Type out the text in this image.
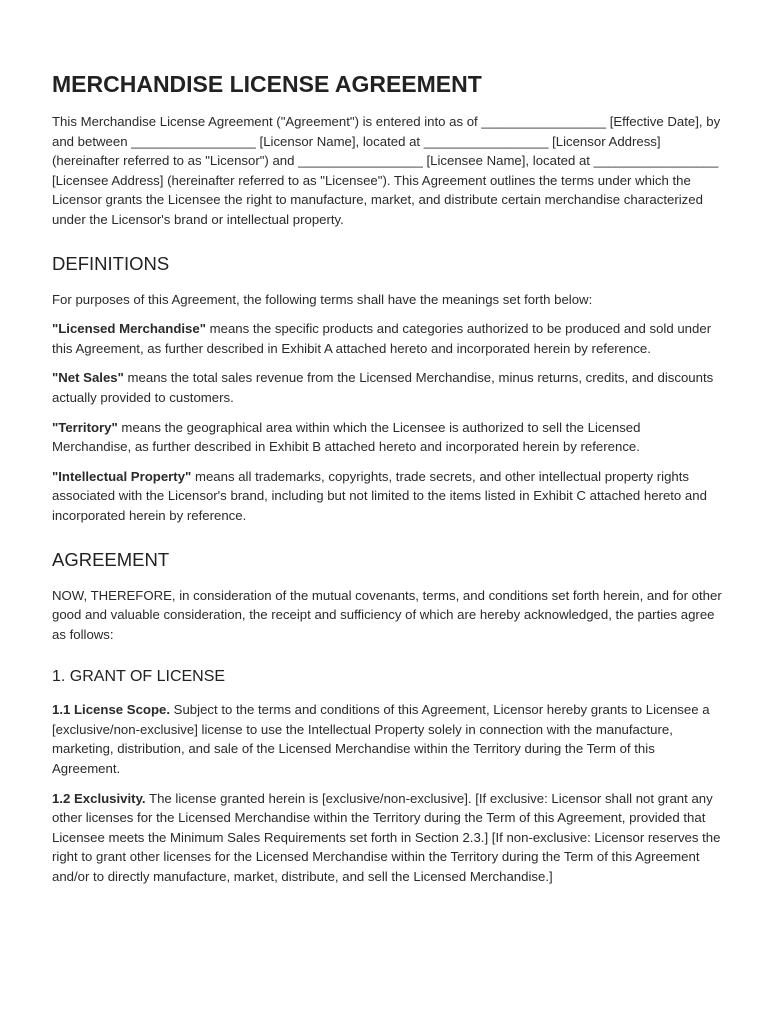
MERCHANDISE LICENSE AGREEMENT

This Merchandise License Agreement ("Agreement") is entered into as of _________________ [Effective Date], by and between _________________ [Licensor Name], located at _________________ [Licensor Address] (hereinafter referred to as "Licensor") and _________________ [Licensee Name], located at _________________ [Licensee Address] (hereinafter referred to as "Licensee"). This Agreement outlines the terms under which the Licensor grants the Licensee the right to manufacture, market, and distribute certain merchandise characterized under the Licensor's brand or intellectual property.

DEFINITIONS

For purposes of this Agreement, the following terms shall have the meanings set forth below:

"Licensed Merchandise" means the specific products and categories authorized to be produced and sold under this Agreement, as further described in Exhibit A attached hereto and incorporated herein by reference.

"Net Sales" means the total sales revenue from the Licensed Merchandise, minus returns, credits, and discounts actually provided to customers.

"Territory" means the geographical area within which the Licensee is authorized to sell the Licensed Merchandise, as further described in Exhibit B attached hereto and incorporated herein by reference.

"Intellectual Property" means all trademarks, copyrights, trade secrets, and other intellectual property rights associated with the Licensor's brand, including but not limited to the items listed in Exhibit C attached hereto and incorporated herein by reference.

AGREEMENT

NOW, THEREFORE, in consideration of the mutual covenants, terms, and conditions set forth herein, and for other good and valuable consideration, the receipt and sufficiency of which are hereby acknowledged, the parties agree as follows:

1. GRANT OF LICENSE

1.1 License Scope. Subject to the terms and conditions of this Agreement, Licensor hereby grants to Licensee a [exclusive/non-exclusive] license to use the Intellectual Property solely in connection with the manufacture, marketing, distribution, and sale of the Licensed Merchandise within the Territory during the Term of this Agreement.

1.2 Exclusivity. The license granted herein is [exclusive/non-exclusive]. [If exclusive: Licensor shall not grant any other licenses for the Licensed Merchandise within the Territory during the Term of this Agreement, provided that Licensee meets the Minimum Sales Requirements set forth in Section 2.3.] [If non-exclusive: Licensor reserves the right to grant other licenses for the Licensed Merchandise within the Territory during the Term of this Agreement and/or to directly manufacture, market, distribute, and sell the Licensed Merchandise.]
